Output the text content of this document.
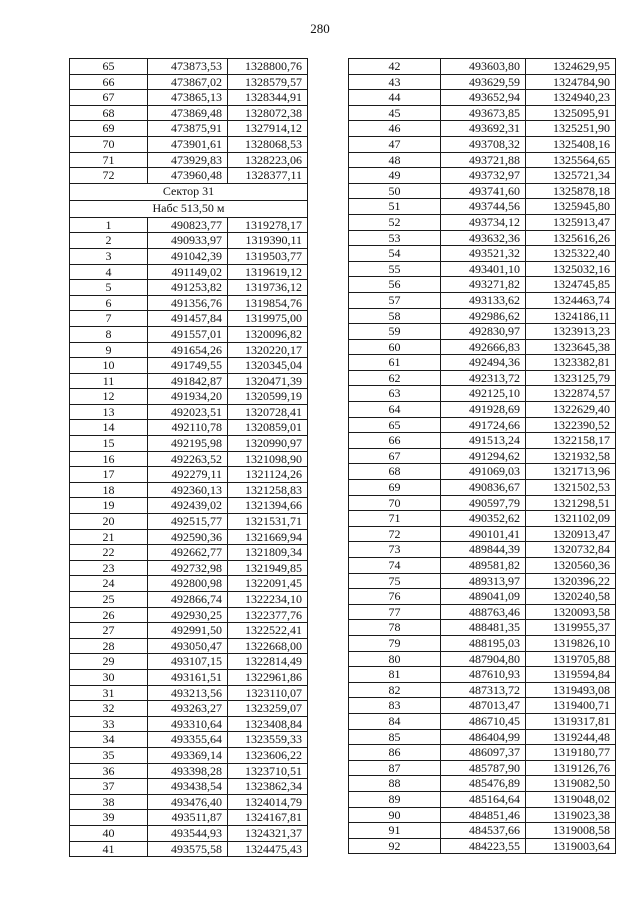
280
65	473873,53	1328800,76
66	473867,02	1328579,57
67	473865,13	1328344,91
68	473869,48	1328072,38
69	473875,91	1327914,12
70	473901,61	1328068,53
71	473929,83	1328223,06
72	473960,48	1328377,11
Сектор 31		
Набс 513,50 м		
1	490823,77	1319278,17
2	490933,97	1319390,11
3	491042,39	1319503,77
4	491149,02	1319619,12
5	491253,82	1319736,12
6	491356,76	1319854,76
7	491457,84	1319975,00
8	491557,01	1320096,82
9	491654,26	1320220,17
10	491749,55	1320345,04
11	491842,87	1320471,39
12	491934,20	1320599,19
13	492023,51	1320728,41
14	492110,78	1320859,01
15	492195,98	1320990,97
16	492263,52	1321098,90
17	492279,11	1321124,26
18	492360,13	1321258,83
19	492439,02	1321394,66
20	492515,77	1321531,71
21	492590,36	1321669,94
22	492662,77	1321809,34
23	492732,98	1321949,85
24	492800,98	1322091,45
25	492866,74	1322234,10
26	492930,25	1322377,76
27	492991,50	1322522,41
28	493050,47	1322668,00
29	493107,15	1322814,49
30	493161,51	1322961,86
31	493213,56	1323110,07
32	493263,27	1323259,07
33	493310,64	1323408,84
34	493355,64	1323559,33
35	493369,14	1323606,22
36	493398,28	1323710,51
37	493438,54	1323862,34
38	493476,40	1324014,79
39	493511,87	1324167,81
40	493544,93	1324321,37
41	493575,58	1324475,43
42	493603,80	1324629,95
43	493629,59	1324784,90
44	493652,94	1324940,23
45	493673,85	1325095,91
46	493692,31	1325251,90
47	493708,32	1325408,16
48	493721,88	1325564,65
49	493732,97	1325721,34
50	493741,60	1325878,18
51	493744,56	1325945,80
52	493734,12	1325913,47
53	493632,36	1325616,26
54	493521,32	1325322,40
55	493401,10	1325032,16
56	493271,82	1324745,85
57	493133,62	1324463,74
58	492986,62	1324186,11
59	492830,97	1323913,23
60	492666,83	1323645,38
61	492494,36	1323382,81
62	492313,72	1323125,79
63	492125,10	1322874,57
64	491928,69	1322629,40
65	491724,66	1322390,52
66	491513,24	1322158,17
67	491294,62	1321932,58
68	491069,03	1321713,96
69	490836,67	1321502,53
70	490597,79	1321298,51
71	490352,62	1321102,09
72	490101,41	1320913,47
73	489844,39	1320732,84
74	489581,82	1320560,36
75	489313,97	1320396,22
76	489041,09	1320240,58
77	488763,46	1320093,58
78	488481,35	1319955,37
79	488195,03	1319826,10
80	487904,80	1319705,88
81	487610,93	1319594,84
82	487313,72	1319493,08
83	487013,47	1319400,71
84	486710,45	1319317,81
85	486404,99	1319244,48
86	486097,37	1319180,77
87	485787,90	1319126,76
88	485476,89	1319082,50
89	485164,64	1319048,02
90	484851,46	1319023,38
91	484537,66	1319008,58
92	484223,55	1319003,64
